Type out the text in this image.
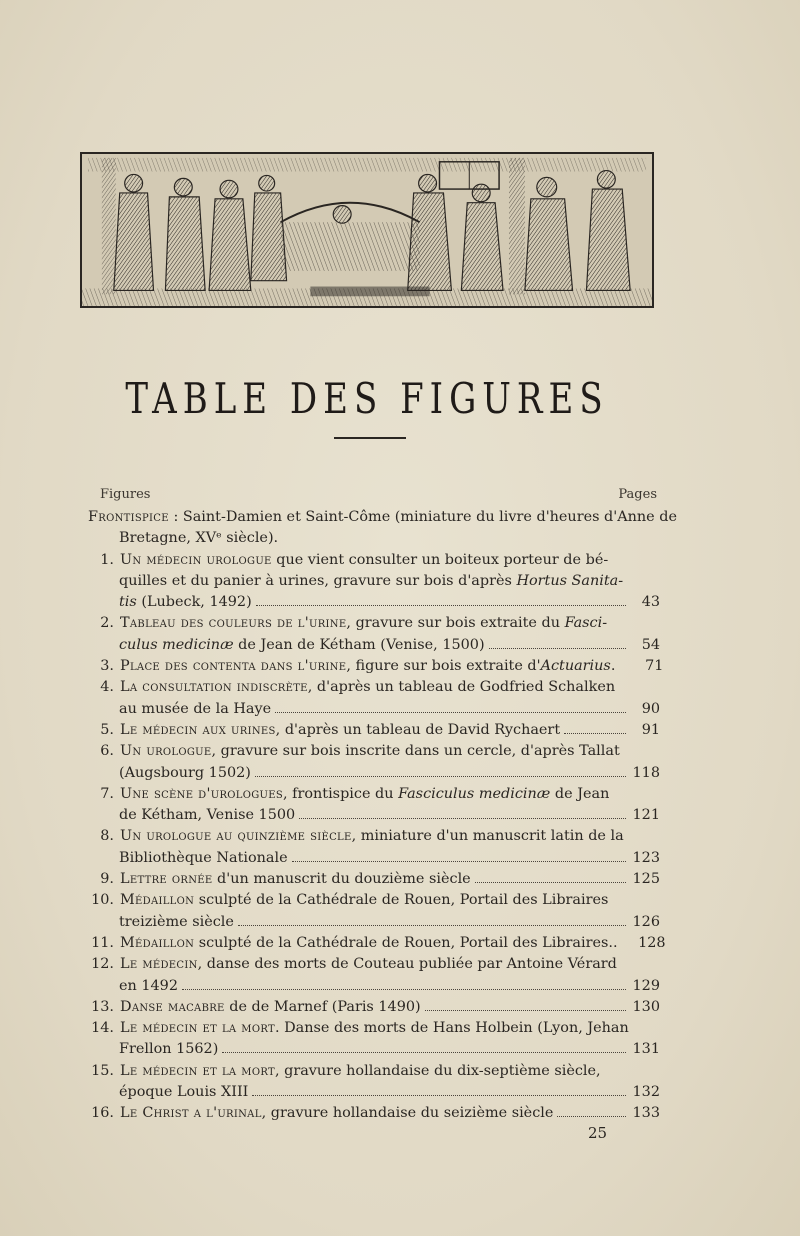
TABLE DES FIGURES
Figures	Pages
Frontispice : Saint-Damien et Saint-Côme (miniature du livre d'heures d'Anne de
Bretagne, XVᵉ siècle).
1. Un médecin urologue que vient consulter un boiteux porteur de bé-
quilles et du panier à urines, gravure sur bois d'après Hortus Sanita-
tis (Lubeck, 1492)	43
2. Tableau des couleurs de l'urine, gravure sur bois extraite du Fasci-
culus medicinæ de Jean de Kétham (Venise, 1500)	54
3. Place des contenta dans l'urine, figure sur bois extraite d'Actuarius.	71
4. La consultation indiscrète, d'après un tableau de Godfried Schalken
au musée de la Haye	90
5. Le médecin aux urines, d'après un tableau de David Rychaert	91
6. Un urologue, gravure sur bois inscrite dans un cercle, d'après Tallat
(Augsbourg 1502)	118
7. Une scène d'urologues, frontispice du Fasciculus medicinæ de Jean
de Kétham, Venise 1500	121
8. Un urologue au quinzième siècle, miniature d'un manuscrit latin de la
Bibliothèque Nationale	123
9. Lettre ornée d'un manuscrit du douzième siècle	125
10. Médaillon sculpté de la Cathédrale de Rouen, Portail des Libraires
treizième siècle	126
11. Médaillon sculpté de la Cathédrale de Rouen, Portail des Libraires.. 128
12. Le médecin, danse des morts de Couteau publiée par Antoine Vérard
en 1492	129
13. Danse macabre de de Marnef (Paris 1490)	130
14. Le médecin et la mort. Danse des morts de Hans Holbein (Lyon, Jehan
Frellon 1562)	131
15. Le médecin et la mort, gravure hollandaise du dix-septième siècle,
époque Louis XIII	132
16. Le Christ a l'urinal, gravure hollandaise du seizième siècle	133
25
